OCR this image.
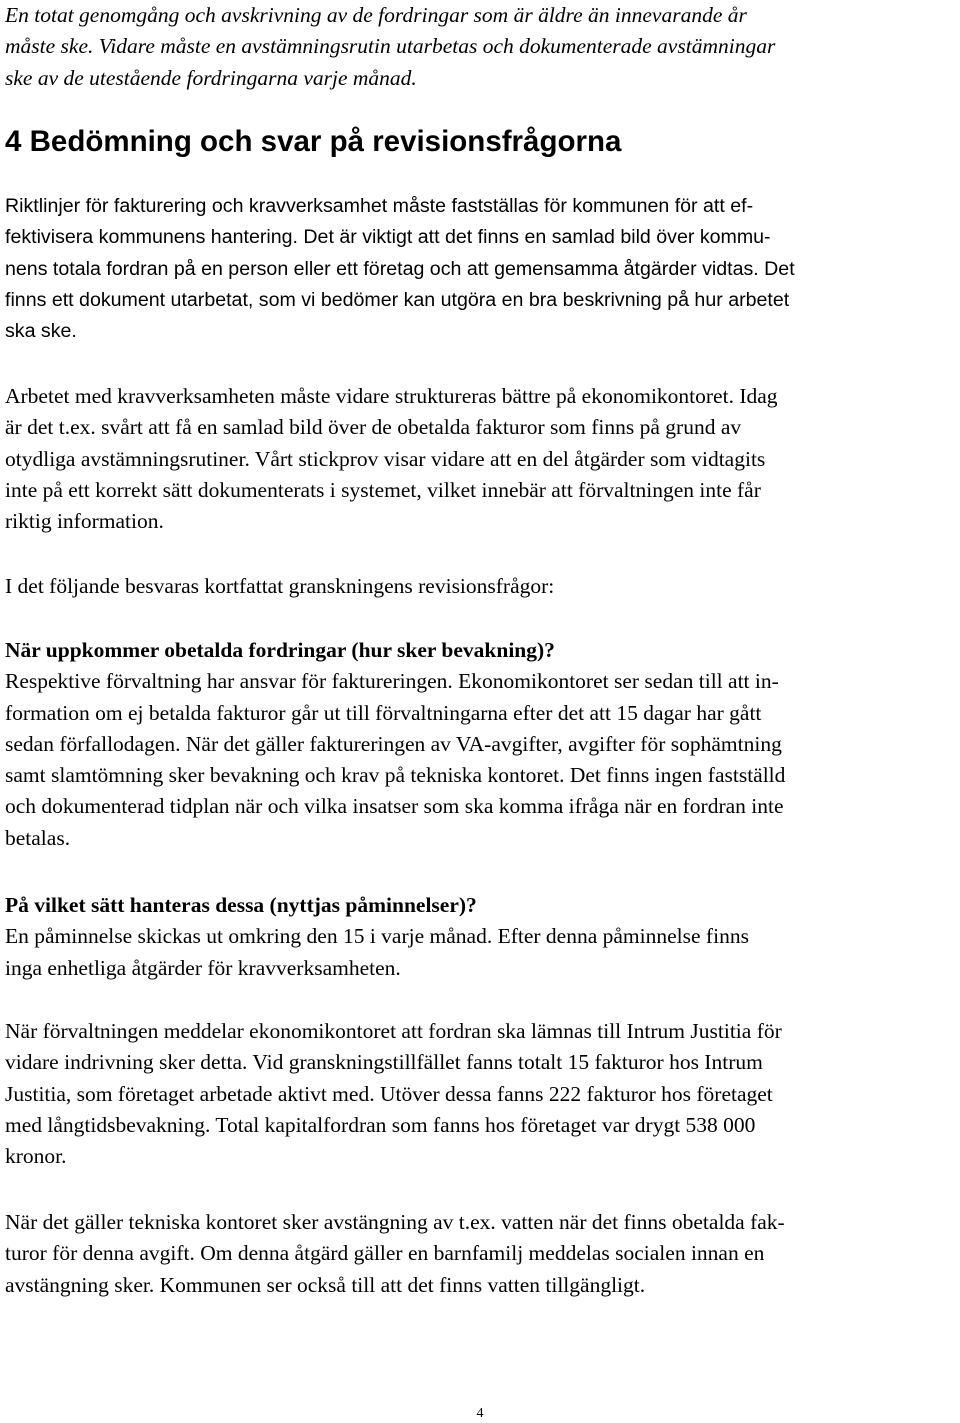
En totat genomgång och avskrivning av de fordringar som är äldre än innevarande år
måste ske. Vidare måste en avstämningsrutin utarbetas och dokumenterade avstämningar
ske av de utestående fordringarna varje månad.
4 Bedömning och svar på revisionsfrågorna
Riktlinjer för fakturering och kravverksamhet måste fastställas för kommunen för att ef-
fektivisera kommunens hantering. Det är viktigt att det finns en samlad bild över kommu-
nens totala fordran på en person eller ett företag och att gemensamma åtgärder vidtas. Det
finns ett dokument utarbetat, som vi bedömer kan utgöra en bra beskrivning på hur arbetet
ska ske.
Arbetet med kravverksamheten måste vidare struktureras bättre på ekonomikontoret. Idag
är det t.ex. svårt att få en samlad bild över de obetalda fakturor som finns på grund av
otydliga avstämningsrutiner. Vårt stickprov visar vidare att en del åtgärder som vidtagits
inte på ett korrekt sätt dokumenterats i systemet, vilket innebär att förvaltningen inte får
riktig information.
I det följande besvaras kortfattat granskningens revisionsfrågor:
När uppkommer obetalda fordringar (hur sker bevakning)?
Respektive förvaltning har ansvar för faktureringen. Ekonomikontoret ser sedan till att in-
formation om ej betalda fakturor går ut till förvaltningarna efter det att 15 dagar har gått
sedan förfallodagen. När det gäller faktureringen av VA-avgifter, avgifter för sophämtning
samt slamtömning sker bevakning och krav på tekniska kontoret. Det finns ingen fastställd
och dokumenterad tidplan när och vilka insatser som ska komma ifråga när en fordran inte
betalas.
På vilket sätt hanteras dessa (nyttjas påminnelser)?
En påminnelse skickas ut omkring den 15 i varje månad. Efter denna påminnelse finns
inga enhetliga åtgärder för kravverksamheten.
När förvaltningen meddelar ekonomikontoret att fordran ska lämnas till Intrum Justitia för
vidare indrivning sker detta. Vid granskningstillfället fanns totalt 15 fakturor hos Intrum
Justitia, som företaget arbetade aktivt med. Utöver dessa fanns 222 fakturor hos företaget
med långtidsbevakning. Total kapitalfordran som fanns hos företaget var drygt 538 000
kronor.
När det gäller tekniska kontoret sker avstängning av t.ex. vatten när det finns obetalda fak-
turor för denna avgift. Om denna åtgärd gäller en barnfamilj meddelas socialen innan en
avstängning sker. Kommunen ser också till att det finns vatten tillgängligt.
4
